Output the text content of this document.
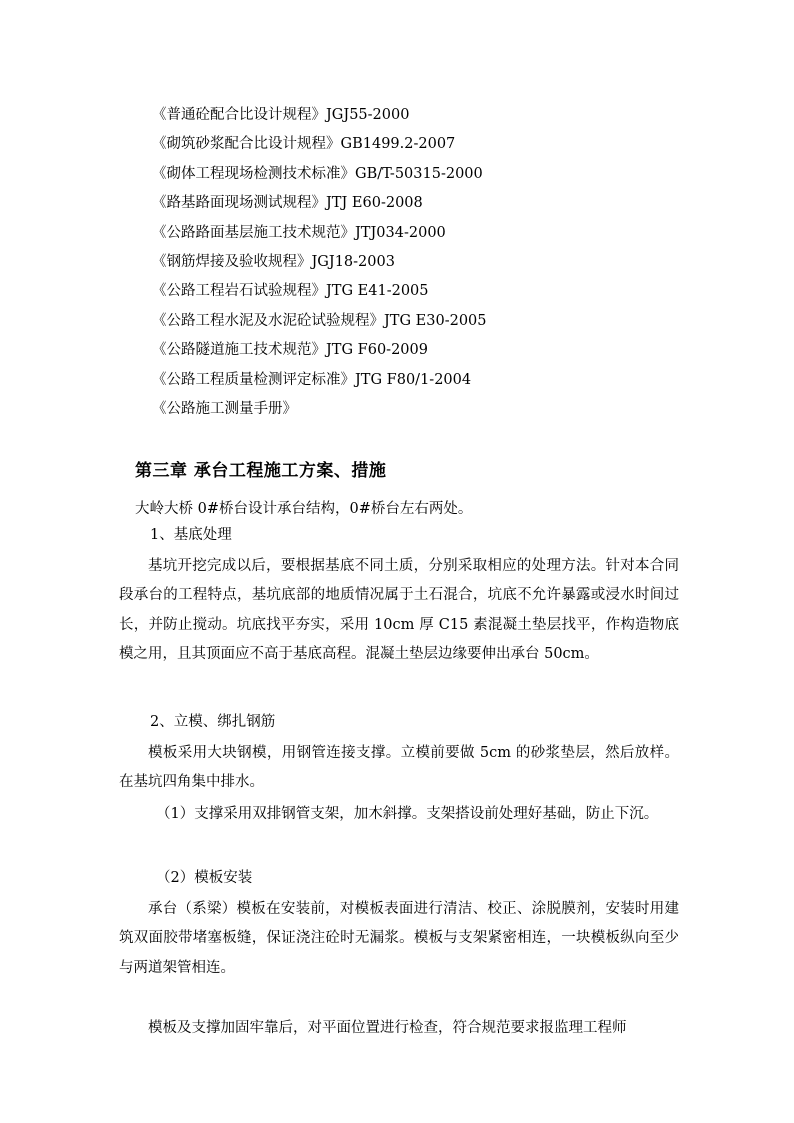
《普通砼配合比设计规程》JGJ55-2000
《砌筑砂浆配合比设计规程》GB1499.2-2007
《砌体工程现场检测技术标准》GB/T-50315-2000
《路基路面现场测试规程》JTJ E60-2008
《公路路面基层施工技术规范》JTJ034-2000
《钢筋焊接及验收规程》JGJ18-2003
《公路工程岩石试验规程》JTG E41-2005
《公路工程水泥及水泥砼试验规程》JTG E30-2005
《公路隧道施工技术规范》JTG F60-2009
《公路工程质量检测评定标准》JTG F80/1-2004
《公路施工测量手册》
第三章 承台工程施工方案、措施
大岭大桥 0#桥台设计承台结构，0#桥台左右两处。
1、基底处理

基坑开挖完成以后，要根据基底不同土质，分别采取相应的处理方法。针对本合同段承台的工程特点，基坑底部的地质情况属于土石混合，坑底不允许暴露或浸水时间过长，并防止搅动。坑底找平夯实，采用 10cm 厚 C15 素混凝土垫层找平，作构造物底模之用，且其顶面应不高于基底高程。混凝土垫层边缘要伸出承台 50cm。

2、立模、绑扎钢筋

模板采用大块钢模，用钢管连接支撑。立模前要做 5cm 的砂浆垫层，然后放样。在基坑四角集中排水。

（1）支撑采用双排钢管支架，加木斜撑。支架搭设前处理好基础，防止下沉。

（2）模板安装

承台（系梁）模板在安装前，对模板表面进行清洁、校正、涂脱膜剂，安装时用建筑双面胶带堵塞板缝，保证浇注砼时无漏浆。模板与支架紧密相连，一块模板纵向至少与两道架管相连。

模板及支撑加固牢靠后，对平面位置进行检查，符合规范要求报监理工程师
